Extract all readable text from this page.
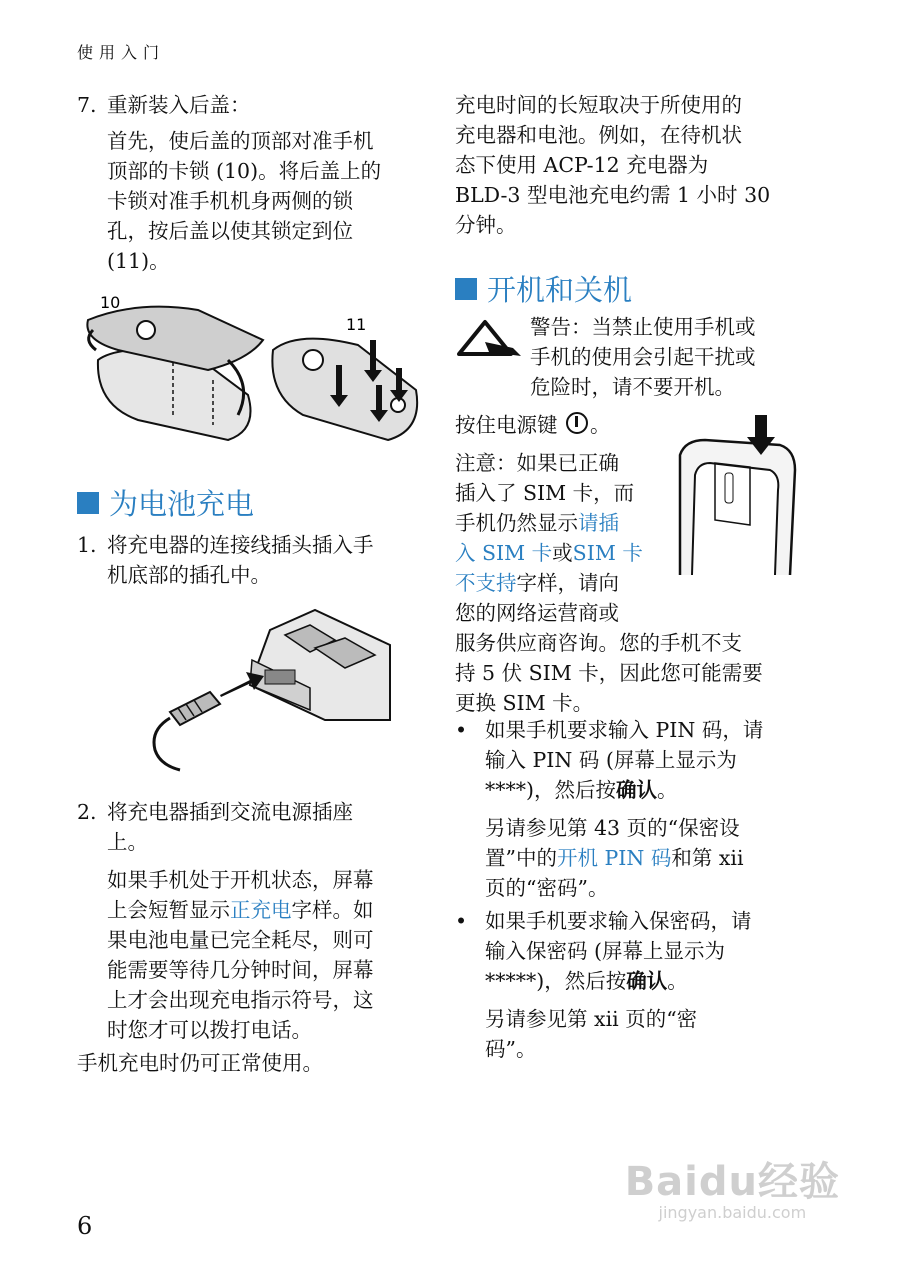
使用入门
7. 重新装入后盖：
首先，使后盖的顶部对准手机
顶部的卡锁 (10)。将后盖上的
卡锁对准手机机身两侧的锁
孔，按后盖以使其锁定到位
(11)。
10
11
为电池充电
1. 将充电器的连接线插头插入手
机底部的插孔中。
2. 将充电器插到交流电源插座
上。
如果手机处于开机状态，屏幕
上会短暂显示正充电字样。如
果电池电量已完全耗尽，则可
能需要等待几分钟时间，屏幕
上才会出现充电指示符号，这
时您才可以拨打电话。
手机充电时仍可正常使用。
充电时间的长短取决于所使用的
充电器和电池。例如，在待机状
态下使用 ACP-12 充电器为
BLD-3 型电池充电约需 1 小时 30
分钟。
开机和关机
警告：当禁止使用手机或
手机的使用会引起干扰或
危险时，请不要开机。
按住电源键 。
注意：如果已正确
插入了 SIM 卡，而
手机仍然显示请插
入 SIM 卡或SIM 卡
不支持字样，请向
您的网络运营商或
服务供应商咨询。您的手机不支
持 5 伏 SIM 卡，因此您可能需要
更换 SIM 卡。
• 如果手机要求输入 PIN 码，请
输入 PIN 码 (屏幕上显示为
****)，然后按确认。
另请参见第 43 页的“保密设
置”中的开机 PIN 码和第 xii
页的“密码”。
• 如果手机要求输入保密码，请
输入保密码 (屏幕上显示为
*****)，然后按确认。
另请参见第 xii 页的“密
码”。
6
Baidu经验
jingyan.baidu.com
